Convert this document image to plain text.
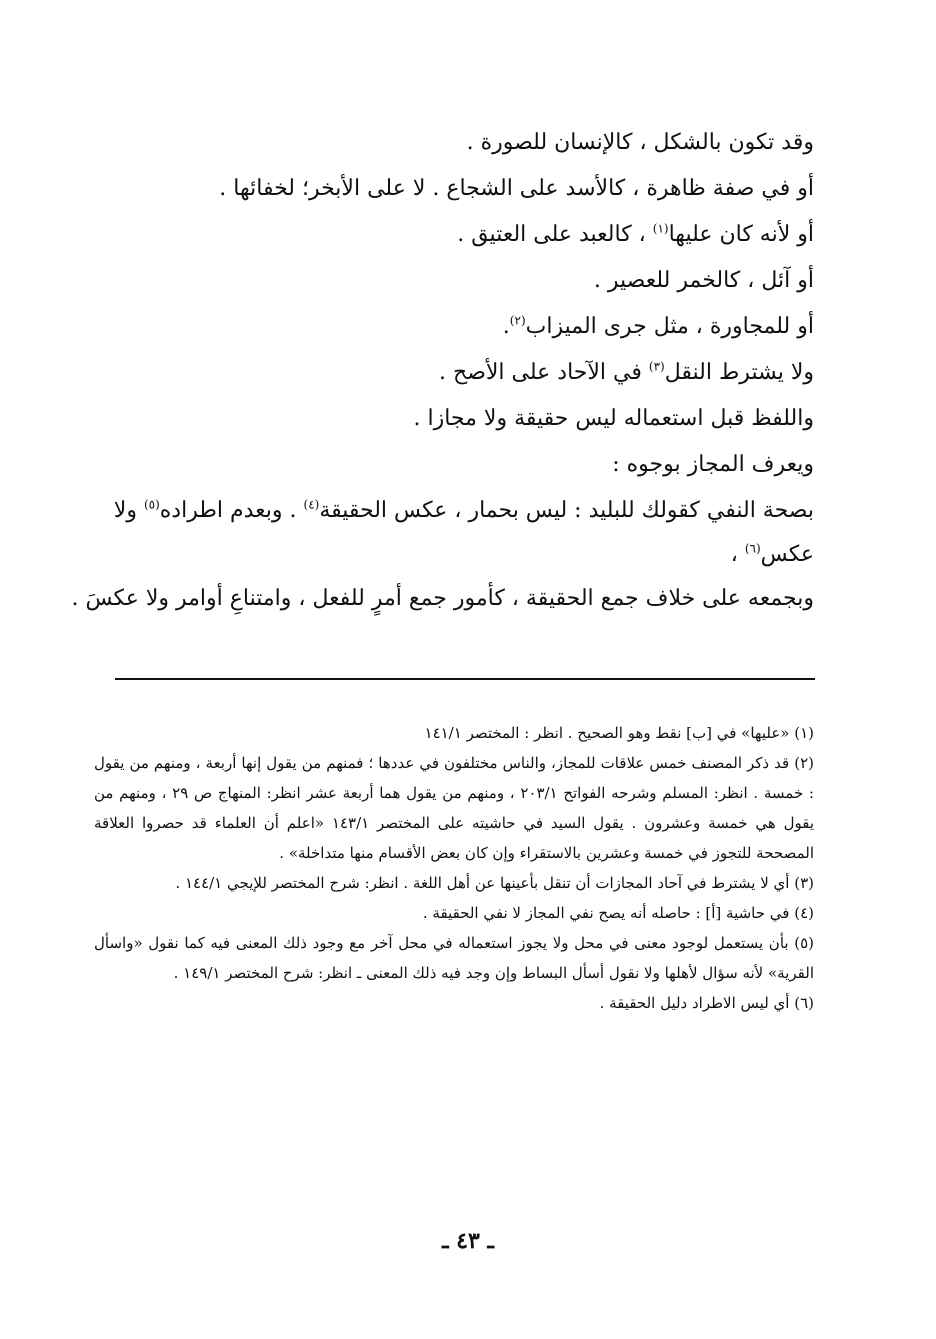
وقد تكون بالشكل ، كالإنسان للصورة .
أو في صفة ظاهرة ، كالأسد على الشجاع . لا على الأبخر؛ لخفائها .
أو لأنه كان عليها$^{(١)}$ ، كالعبد على العتيق .
أو آئل ، كالخمر للعصير .
أو للمجاورة ، مثل جرى الميزاب$^{(٢)}$.
ولا يشترط النقل$^{(٣)}$ في الآحاد على الأصح .
واللفظ قبل استعماله ليس حقيقة ولا مجازا .
ويعرف المجاز بوجوه :
بصحة النفي كقولك للبليد : ليس بحمار ، عكس الحقيقة$^{(٤)}$ . وبعدم اطراده$^{(٥)}$ ولا
عكس$^{(٦)}$ ،
وبجمعه على خلاف جمع الحقيقة ، كأمور جمع أمرٍ للفعل ، وامتناعِ أوامر ولا عكسَ .
(١) «عليها» في [ب] نقط وهو الصحيح . انظر : المختصر ١٤١/١
(٢) قد ذكر المصنف خمس علاقات للمجاز، والناس مختلفون في عددها ؛ فمنهم من يقول إنها أربعة ، ومنهم من يقول : خمسة . انظر: المسلم وشرحه الفواتح ٢٠٣/١ ، ومنهم من يقول هما أربعة عشر انظر: المنهاج ص ٢٩ ، ومنهم من يقول هي خمسة وعشرون . يقول السيد في حاشيته على المختصر ١٤٣/١ «اعلم أن العلماء قد حصروا العلاقة المصححة للتجوز في خمسة وعشرين بالاستقراء وإن كان بعض الأقسام منها متداخلة» .
(٣) أي لا يشترط في آحاد المجازات أن تنقل بأعينها عن أهل اللغة . انظر: شرح المختصر للإيجي ١٤٤/١ .
(٤) في حاشية [أ] : حاصله أنه يصح نفي المجاز لا نفي الحقيقة .
(٥) بأن يستعمل لوجود معنى في محل ولا يجوز استعماله في محل آخر مع وجود ذلك المعنى فيه كما نقول «واسأل القرية» لأنه سؤال لأهلها ولا نقول أسأل البساط وإن وجد فيه ذلك المعنى ـ انظر: شرح المختصر ١٤٩/١ .
(٦) أي ليس الاطراد دليل الحقيقة .
ـ ٤٣ ـ
